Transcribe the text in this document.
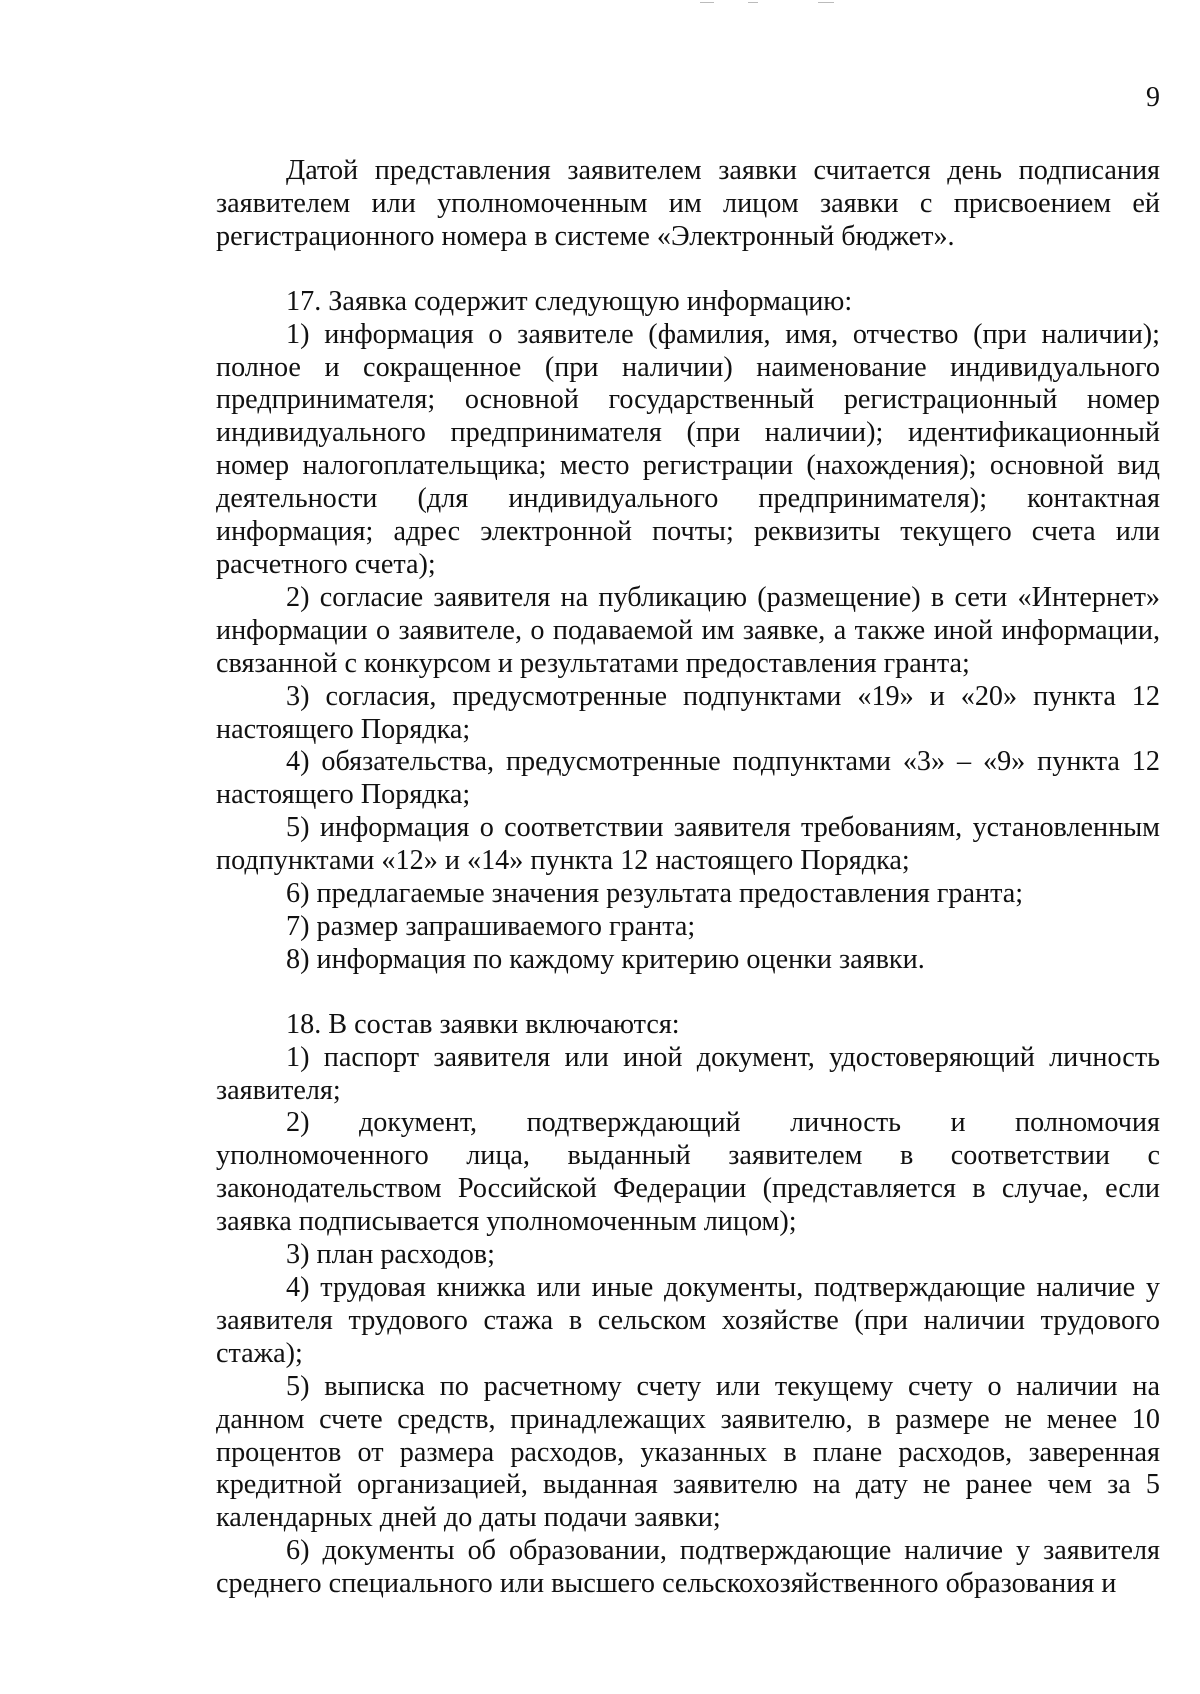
9

Датой представления заявителем заявки считается день подписания заявителем или уполномоченным им лицом заявки с присвоением ей регистрационного номера в системе «Электронный бюджет».

17. Заявка содержит следующую информацию:

1) информация о заявителе (фамилия, имя, отчество (при наличии); полное и сокращенное (при наличии) наименование индивидуального предпринимателя; основной государственный регистрационный номер индивидуального предпринимателя (при наличии); идентификационный номер налогоплательщика; место регистрации (нахождения); основной вид деятельности (для индивидуального предпринимателя); контактная информация; адрес электронной почты; реквизиты текущего счета или расчетного счета);

2) согласие заявителя на публикацию (размещение) в сети «Интернет» информации о заявителе, о подаваемой им заявке, а также иной информации, связанной с конкурсом и результатами предоставления гранта;

3) согласия, предусмотренные подпунктами «19» и «20» пункта 12 настоящего Порядка;

4) обязательства, предусмотренные подпунктами «3» – «9» пункта 12 настоящего Порядка;

5) информация о соответствии заявителя требованиям, установленным подпунктами «12» и «14» пункта 12 настоящего Порядка;

6) предлагаемые значения результата предоставления гранта;

7) размер запрашиваемого гранта;

8) информация по каждому критерию оценки заявки.

18. В состав заявки включаются:

1) паспорт заявителя или иной документ, удостоверяющий личность заявителя;

2) документ, подтверждающий личность и полномочия уполномоченного лица, выданный заявителем в соответствии с законодательством Российской Федерации (представляется в случае, если заявка подписывается уполномоченным лицом);

3) план расходов;

4) трудовая книжка или иные документы, подтверждающие наличие у заявителя трудового стажа в сельском хозяйстве (при наличии трудового стажа);

5) выписка по расчетному счету или текущему счету о наличии на данном счете средств, принадлежащих заявителю, в размере не менее 10 процентов от размера расходов, указанных в плане расходов, заверенная кредитной организацией, выданная заявителю на дату не ранее чем за 5 календарных дней до даты подачи заявки;

6) документы об образовании, подтверждающие наличие у заявителя среднего специального или высшего сельскохозяйственного образования и
